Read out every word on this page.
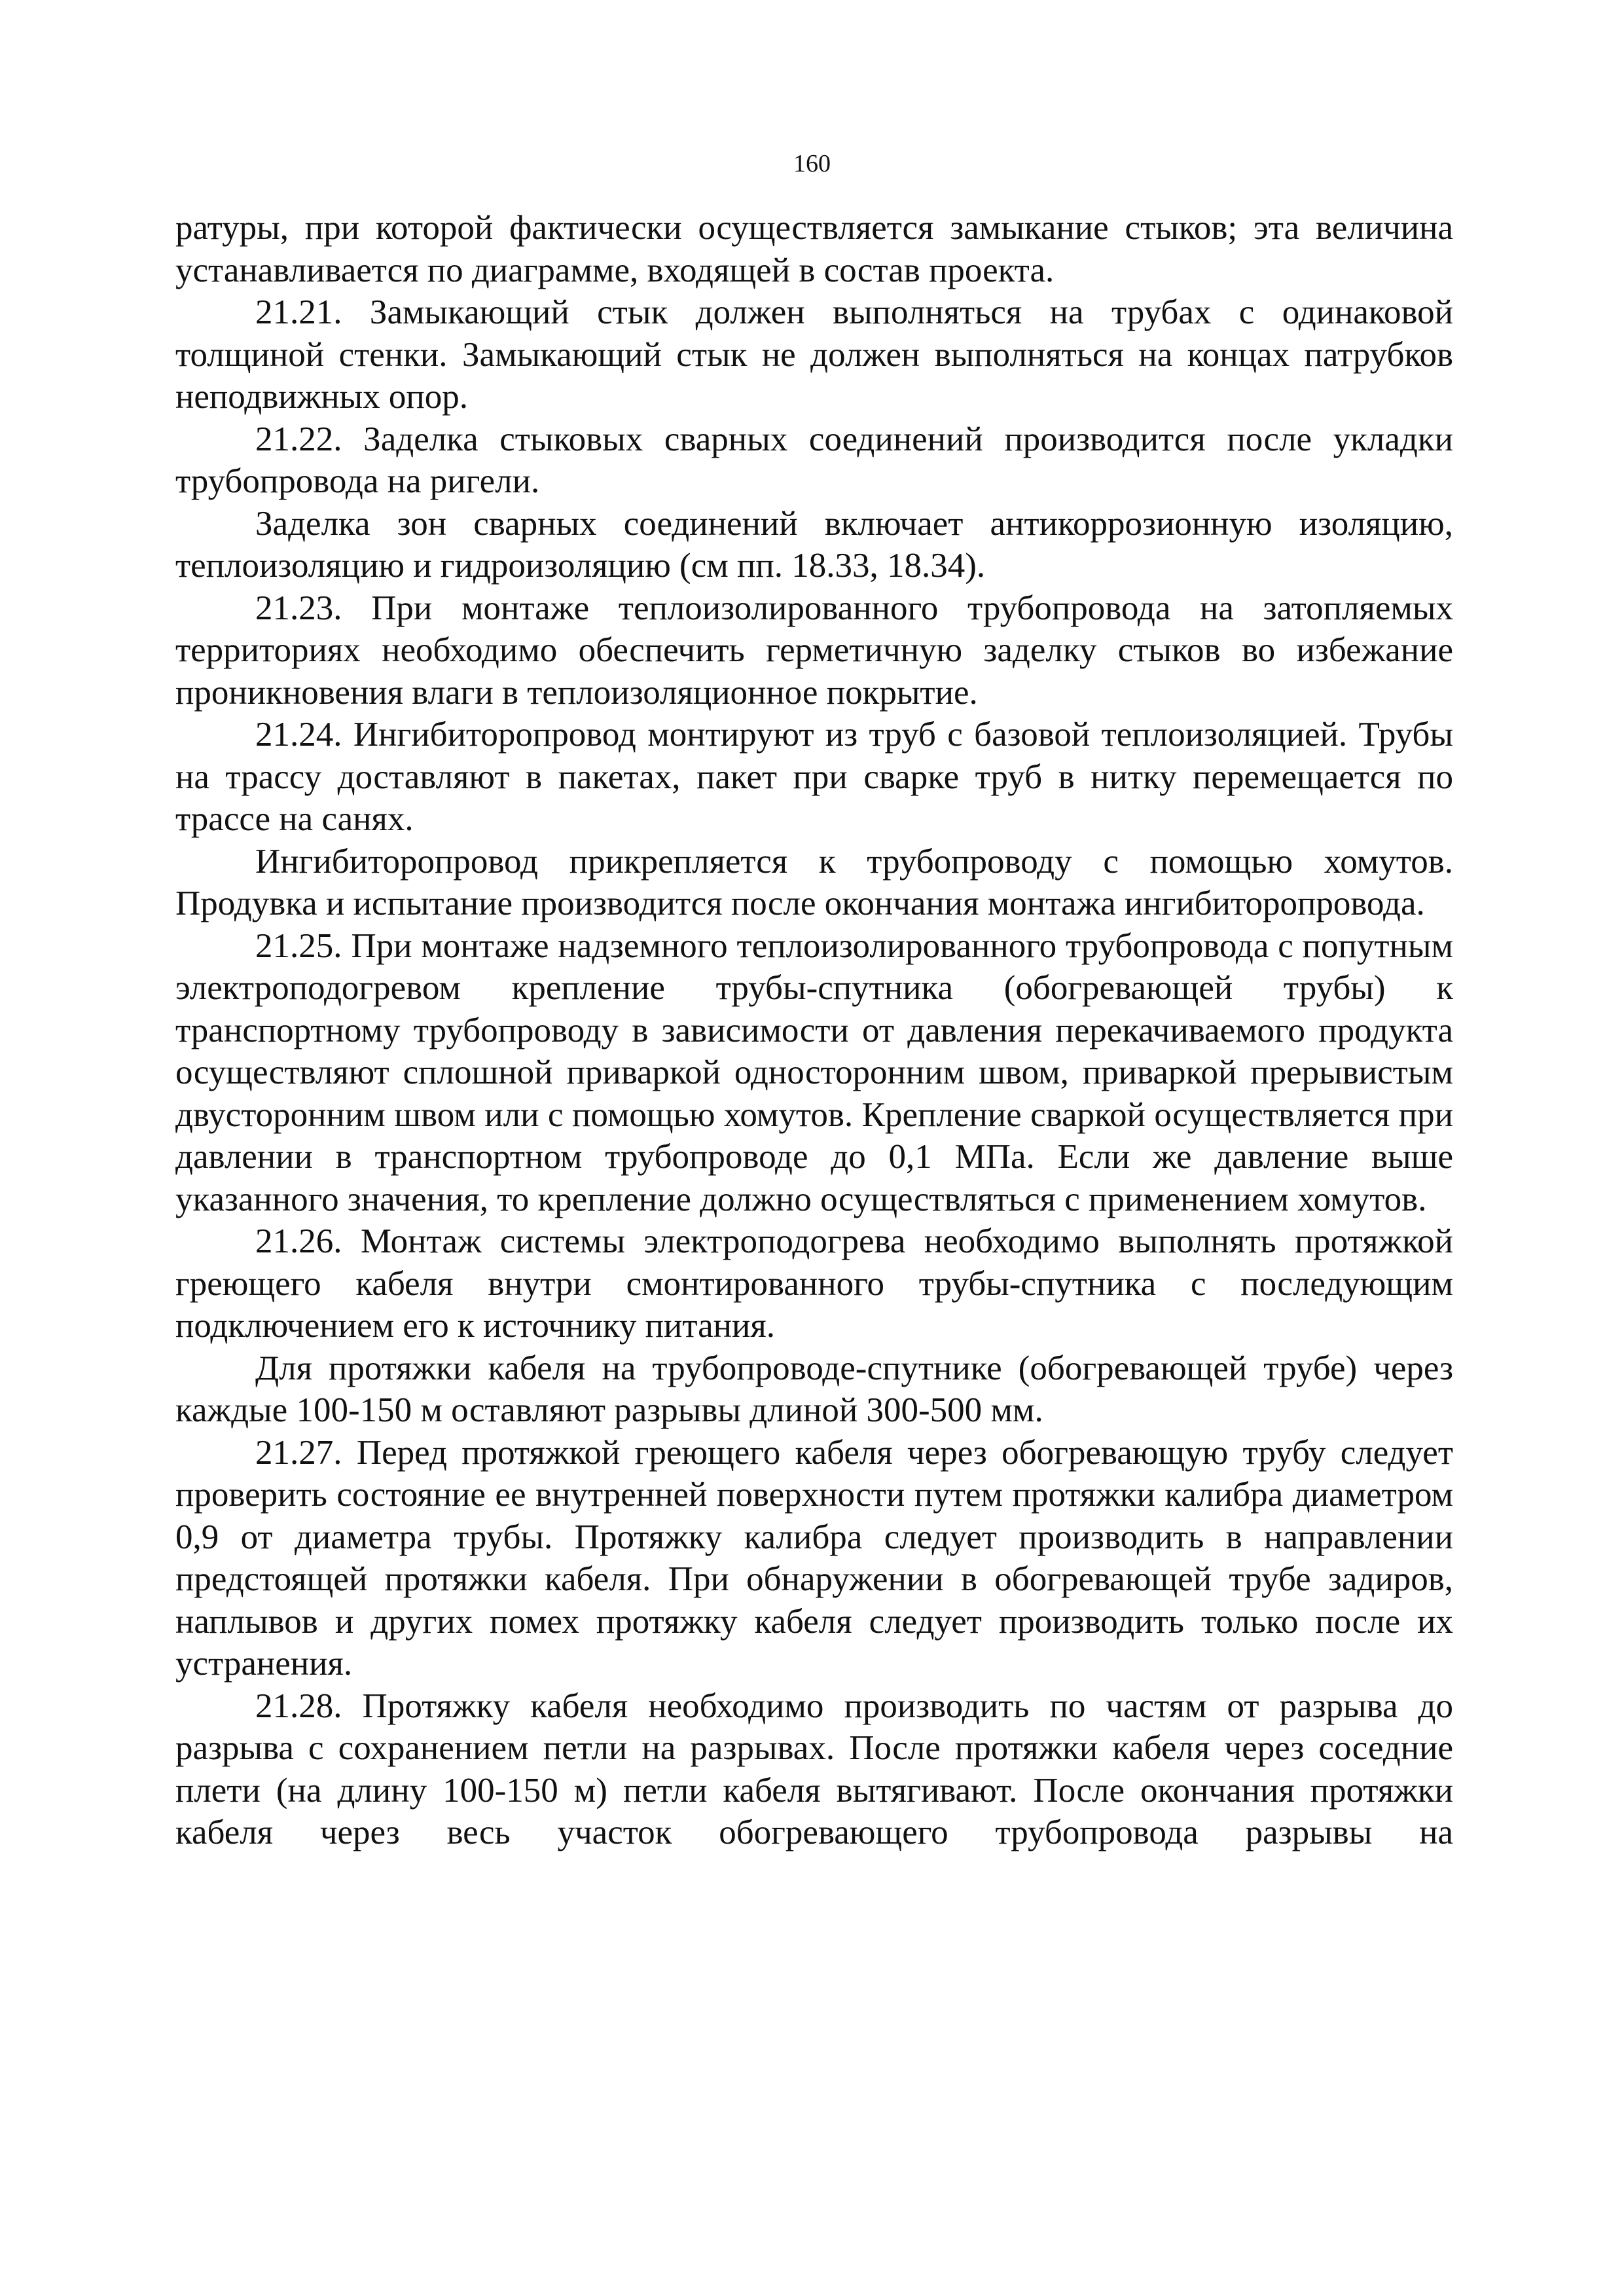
160

ратуры, при которой фактически осуществляется замыкание стыков; эта величина устанавливается по диаграмме, входящей в состав проекта.

21.21. Замыкающий стык должен выполняться на трубах с одинаковой толщиной стенки. Замыкающий стык не должен выполняться на концах патрубков неподвижных опор.

21.22. Заделка стыковых сварных соединений производится после укладки трубопровода на ригели.

Заделка зон сварных соединений включает антикоррозионную изоляцию, теплоизоляцию и гидроизоляцию (см пп. 18.33, 18.34).

21.23. При монтаже теплоизолированного трубопровода на затопляемых территориях необходимо обеспечить герметичную заделку стыков во избежание проникновения влаги в теплоизоляционное покрытие.

21.24. Ингибиторопровод монтируют из труб с базовой теплоизоляцией. Трубы на трассу доставляют в пакетах, пакет при сварке труб в нитку перемещается по трассе на санях.

Ингибиторопровод прикрепляется к трубопроводу с помощью хомутов. Продувка и испытание производится после окончания монтажа ингибиторопровода.

21.25. При монтаже надземного теплоизолированного трубопровода с попутным электроподогревом крепление трубы-спутника (обогревающей трубы) к транспортному трубопроводу в зависимости от давления перекачиваемого продукта осуществляют сплошной приваркой односторонним швом, приваркой прерывистым двусторонним швом или с помощью хомутов. Крепление сваркой осуществляется при давлении в транспортном трубопроводе до 0,1 МПа. Если же давление выше указанного значения, то крепление должно осуществляться с применением хомутов.

21.26. Монтаж системы электроподогрева необходимо выполнять протяжкой греющего кабеля внутри смонтированного трубы-спутника с последующим подключением его к источнику питания.

Для протяжки кабеля на трубопроводе-спутнике (обогревающей трубе) через каждые 100-150 м оставляют разрывы длиной 300-500 мм.

21.27. Перед протяжкой греющего кабеля через обогревающую трубу следует проверить состояние ее внутренней поверхности путем протяжки калибра диаметром 0,9 от диаметра трубы. Протяжку калибра следует производить в направлении предстоящей протяжки кабеля. При обнаружении в обогревающей трубе задиров, наплывов и других помех протяжку кабеля следует производить только после их устранения.

21.28. Протяжку кабеля необходимо производить по частям от разрыва до разрыва с сохранением петли на разрывах. После протяжки кабеля через соседние плети (на длину 100-150 м) петли кабеля вытягивают. После окончания протяжки кабеля через весь участок обогревающего трубопровода разрывы на
